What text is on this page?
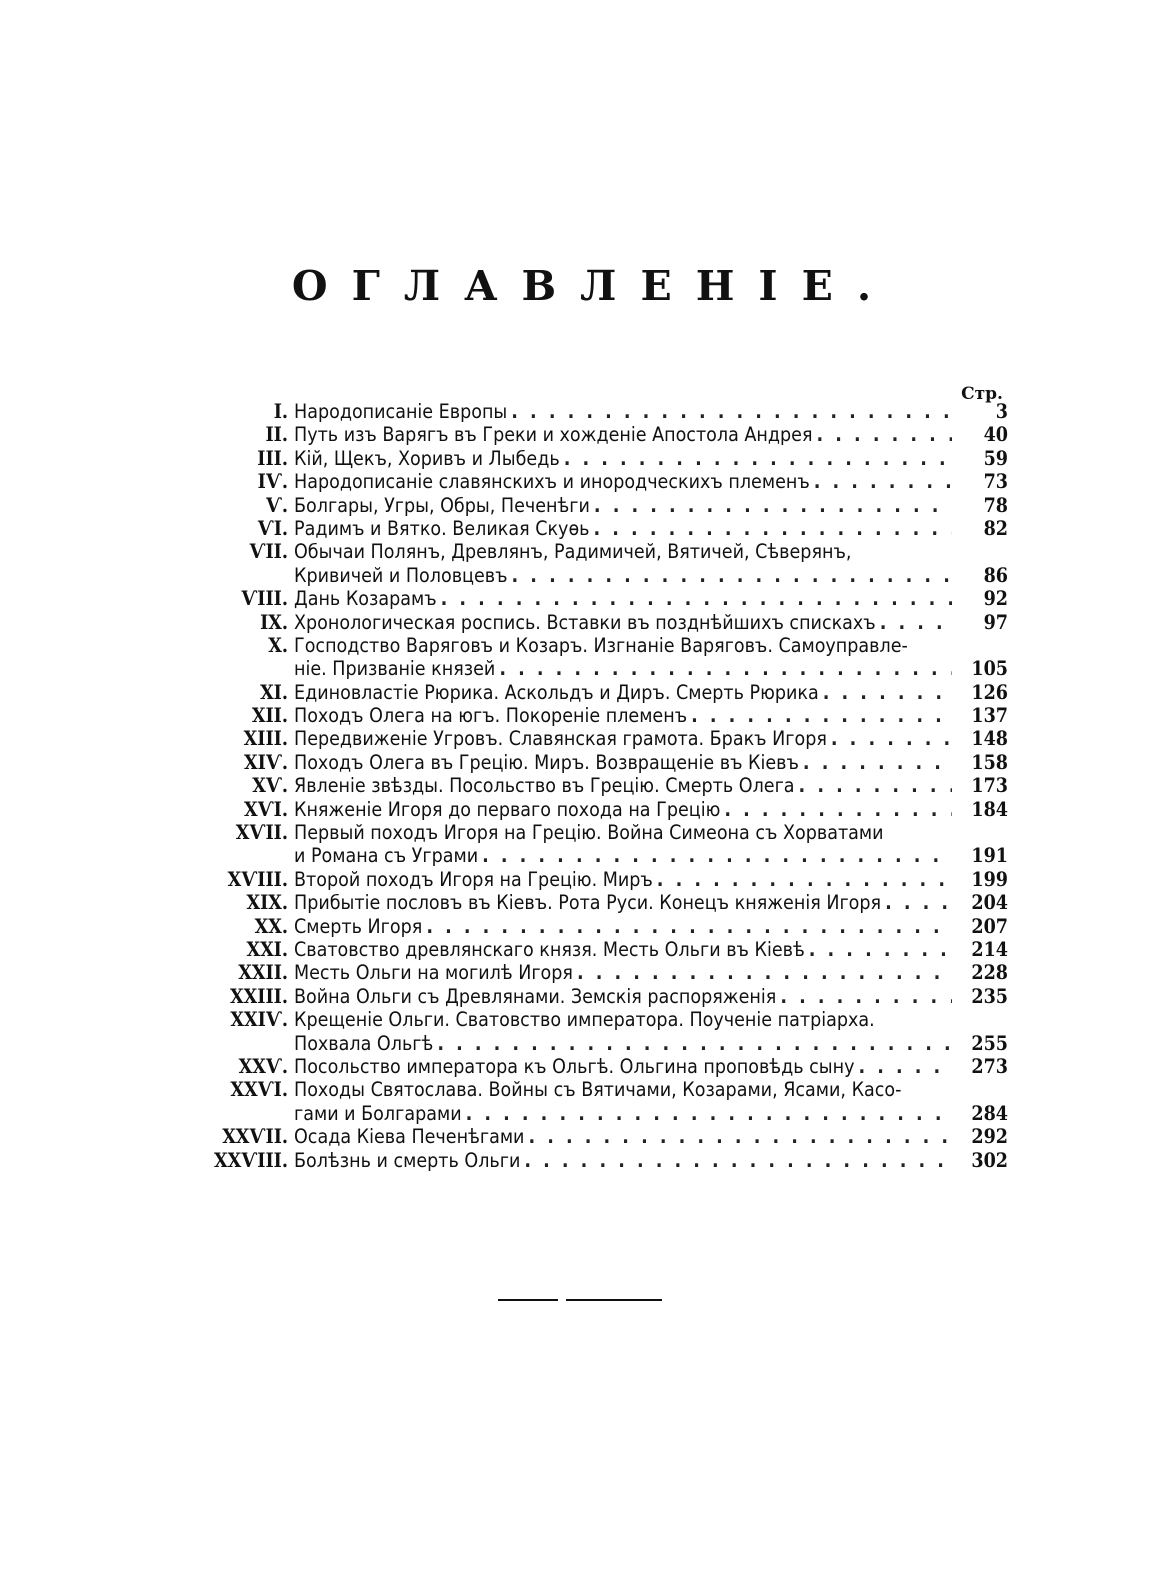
ОГЛАВЛЕНІЕ.
Стр.
I. Народописаніе Европы . . .	3
II. Путь изъ Варягъ въ Греки и хожденіе Апостола Андрея . . .	40
III. Кій, Щекъ, Хоривъ и Лыбедь . . .	59
IѴ. Народописаніе славянскихъ и инородческихъ племенъ . . .	73
Ѵ. Болгары, Угры, Обры, Печенѣги . . .	78
ѴI. Радимъ и Вятко. Великая Скуѳь . . .	82
ѴII. Обычаи Полянъ, Древлянъ, Радимичей, Вятичей, Сѣверянъ,
Кривичей и Половцевъ . . .	86
ѴIII. Дань Козарамъ . . .	92
IX. Хронологическая роспись. Вставки въ позднѣйшихъ спискахъ . . .	97
X. Господство Варяговъ и Козаръ. Изгнаніе Варяговъ. Самоуправле-
ніе. Призваніе князей . . .	105
XI. Единовластіе Рюрика. Аскольдъ и Диръ. Смерть Рюрика . . .	126
XII. Походъ Олега на югъ. Покореніе племенъ . . .	137
XIII. Передвиженіе Угровъ. Славянская грамота. Бракъ Игоря . . .	148
XIѴ. Походъ Олега въ Грецію. Миръ. Возвращеніе въ Кіевъ . . .	158
XѴ. Явленіе звѣзды. Посольство въ Грецію. Смерть Олега . . .	173
XѴI. Княженіе Игоря до перваго похода на Грецію . . .	184
XѴII. Первый походъ Игоря на Грецію. Война Симеона съ Хорватами
и Романа съ Уграми . . .	191
XѴIII. Второй походъ Игоря на Грецію. Миръ . . .	199
XIX. Прибытіе пословъ въ Кіевъ. Рота Руси. Конецъ княженія Игоря . . .	204
XX. Смерть Игоря . . .	207
XXI. Сватовство древлянскаго князя. Месть Ольги въ Кіевѣ . . .	214
XXII. Месть Ольги на могилѣ Игоря . . .	228
XXIII. Война Ольги съ Древлянами. Земскія распоряженія . . .	235
XXIѴ. Крещеніе Ольги. Сватовство императора. Поученіе патріарха.
Похвала Ольгѣ . . .	255
XXѴ. Посольство императора къ Ольгѣ. Ольгина проповѣдь сыну . . .	273
XXѴI. Походы Святослава. Войны съ Вятичами, Козарами, Ясами, Касо-
гами и Болгарами . . .	284
XXѴII. Осада Кіева Печенѣгами . . .	292
XXѴIII. Болѣзнь и смерть Ольги . . .	302
